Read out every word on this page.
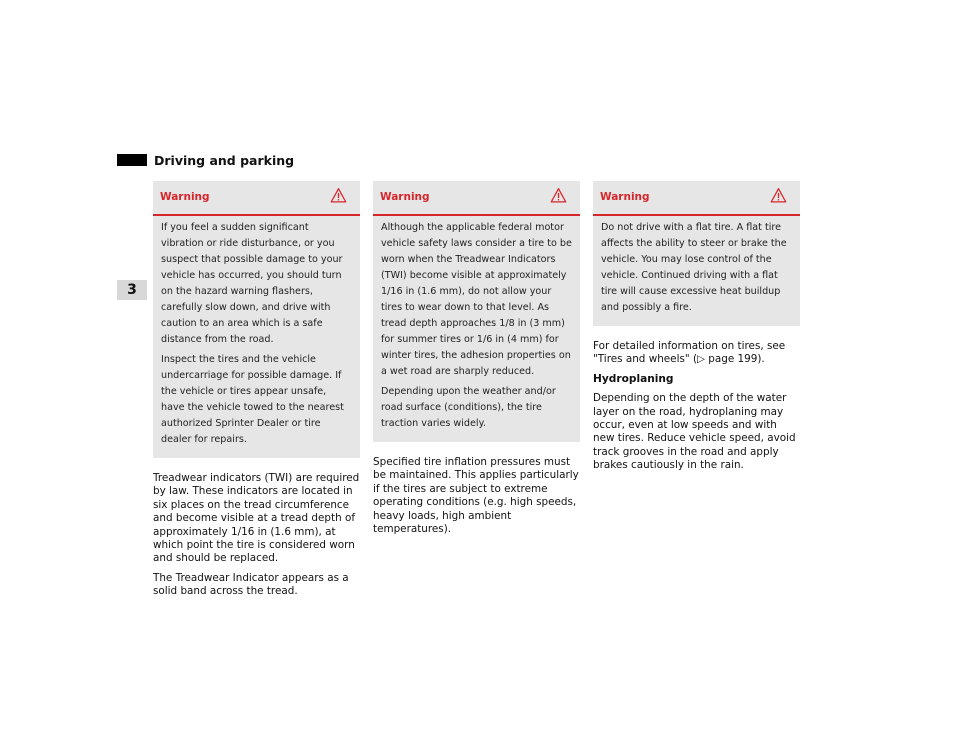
Driving and parking
3
Warning

If you feel a sudden significant vibration or ride disturbance, or you suspect that possible damage to your vehicle has occurred, you should turn on the hazard warning flashers, carefully slow down, and drive with caution to an area which is a safe distance from the road.

Inspect the tires and the vehicle undercarriage for possible damage. If the vehicle or tires appear unsafe, have the vehicle towed to the nearest authorized Sprinter Dealer or tire dealer for repairs.

Treadwear indicators (TWI) are required by law. These indicators are located in six places on the tread circumference and become visible at a tread depth of approximately 1/16 in (1.6 mm), at which point the tire is considered worn and should be replaced.

The Treadwear Indicator appears as a solid band across the tread.

Warning

Although the applicable federal motor vehicle safety laws consider a tire to be worn when the Treadwear Indicators (TWI) become visible at approximately 1/16 in (1.6 mm), do not allow your tires to wear down to that level. As tread depth approaches 1/8 in (3 mm) for summer tires or 1/6 in (4 mm) for winter tires, the adhesion properties on a wet road are sharply reduced.

Depending upon the weather and/or road surface (conditions), the tire traction varies widely.

Specified tire inflation pressures must be maintained. This applies particularly if the tires are subject to extreme operating conditions (e.g. high speeds, heavy loads, high ambient temperatures).

Warning

Do not drive with a flat tire. A flat tire affects the ability to steer or brake the vehicle. You may lose control of the vehicle. Continued driving with a flat tire will cause excessive heat buildup and possibly a fire.

For detailed information on tires, see "Tires and wheels" (▷ page 199).

Hydroplaning

Depending on the depth of the water layer on the road, hydroplaning may occur, even at low speeds and with new tires. Reduce vehicle speed, avoid track grooves in the road and apply brakes cautiously in the rain.
